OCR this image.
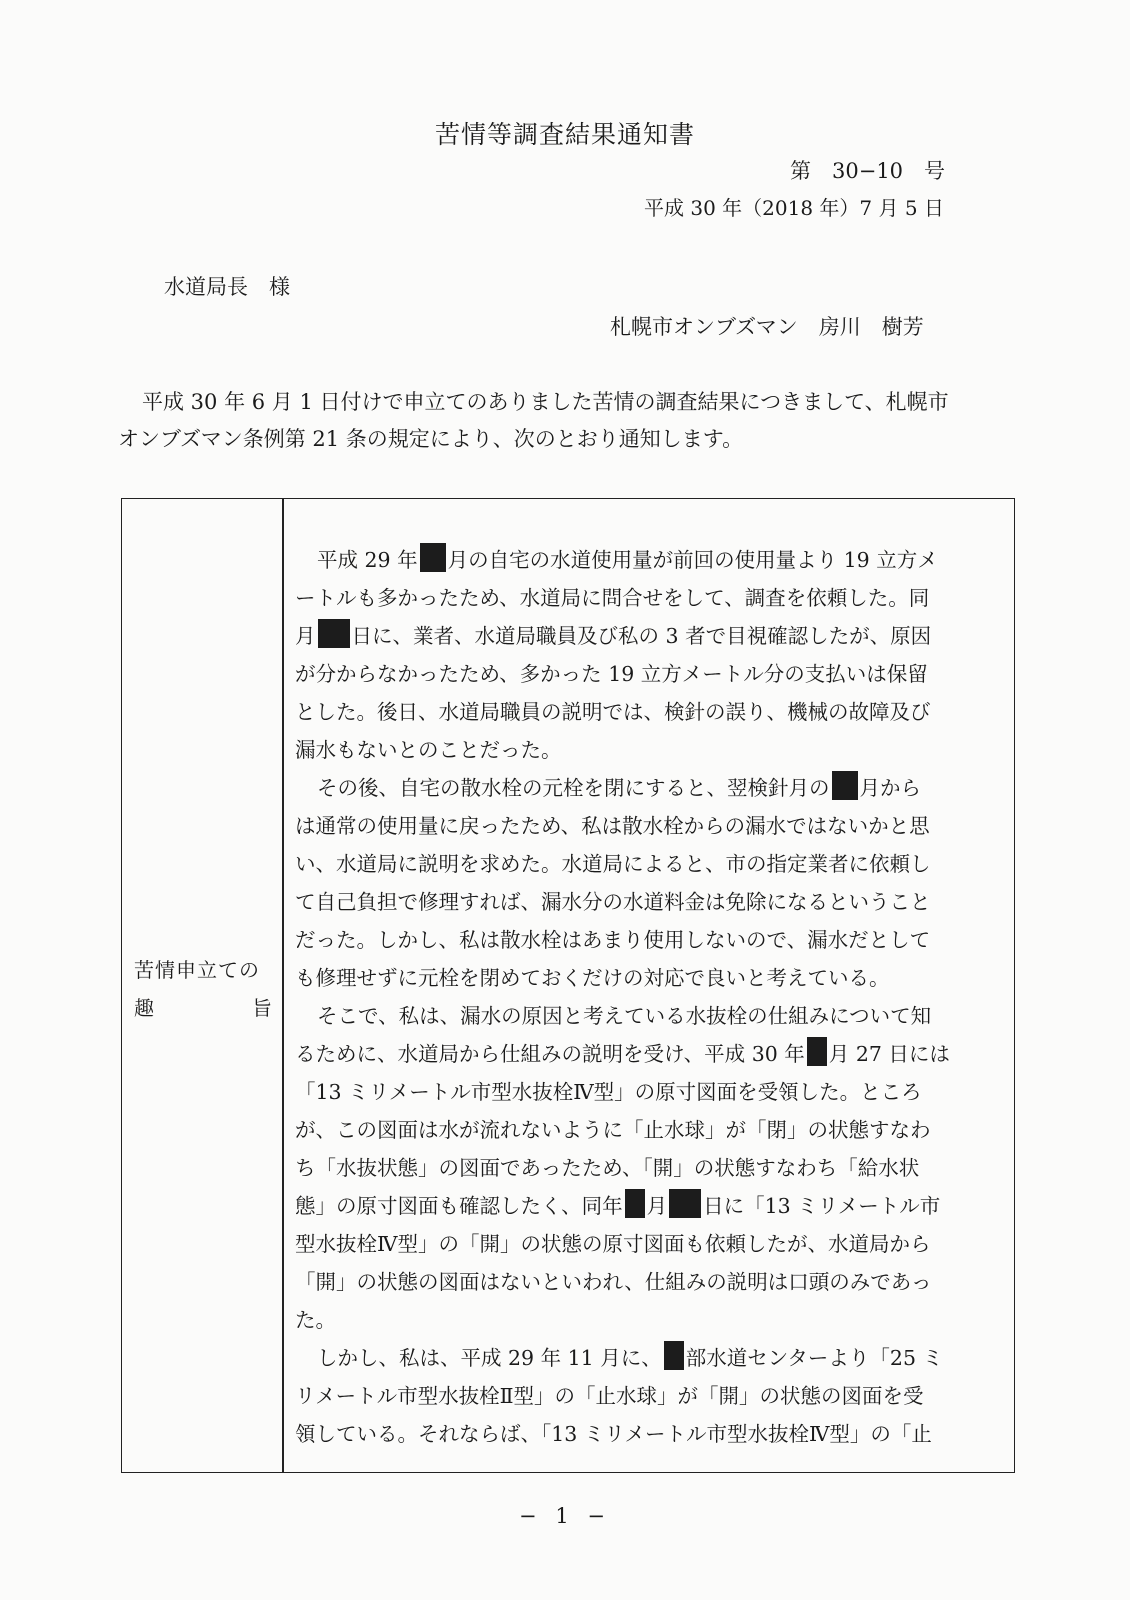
苦情等調査結果通知書
第　30−10　号
平成 30 年（2018 年）7 月 5 日
水道局長　様
札幌市オンブズマン　房川　樹芳
平成 30 年 6 月 1 日付けで申立てのありました苦情の調査結果につきまして、札幌市
オンブズマン条例第 21 条の規定により、次のとおり通知します。
苦情申立ての
趣	旨
平成 29 年 月の自宅の水道使用量が前回の使用量より 19 立方メ
ートルも多かったため、水道局に問合せをして、調査を依頼した。同
月 日に、業者、水道局職員及び私の 3 者で目視確認したが、原因
が分からなかったため、多かった 19 立方メートル分の支払いは保留
とした。後日、水道局職員の説明では、検針の誤り、機械の故障及び
漏水もないとのことだった。
その後、自宅の散水栓の元栓を閉にすると、翌検針月の 月から
は通常の使用量に戻ったため、私は散水栓からの漏水ではないかと思
い、水道局に説明を求めた。水道局によると、市の指定業者に依頼し
て自己負担で修理すれば、漏水分の水道料金は免除になるということ
だった。しかし、私は散水栓はあまり使用しないので、漏水だとして
も修理せずに元栓を閉めておくだけの対応で良いと考えている。
そこで、私は、漏水の原因と考えている水抜栓の仕組みについて知
るために、水道局から仕組みの説明を受け、平成 30 年 月 27 日には
「13 ミリメートル市型水抜栓Ⅳ型」の原寸図面を受領した。ところ
が、この図面は水が流れないように「止水球」が「閉」の状態すなわ
ち「水抜状態」の図面であったため、「開」の状態すなわち「給水状
態」の原寸図面も確認したく、同年 月 日に「13 ミリメートル市
型水抜栓Ⅳ型」の「開」の状態の原寸図面も依頼したが、水道局から
「開」の状態の図面はないといわれ、仕組みの説明は口頭のみであっ
た。
しかし、私は、平成 29 年 11 月に、 部水道センターより「25 ミ
リメートル市型水抜栓Ⅱ型」の「止水球」が「開」の状態の図面を受
領している。それならば、「13 ミリメートル市型水抜栓Ⅳ型」の「止
− 1 −
